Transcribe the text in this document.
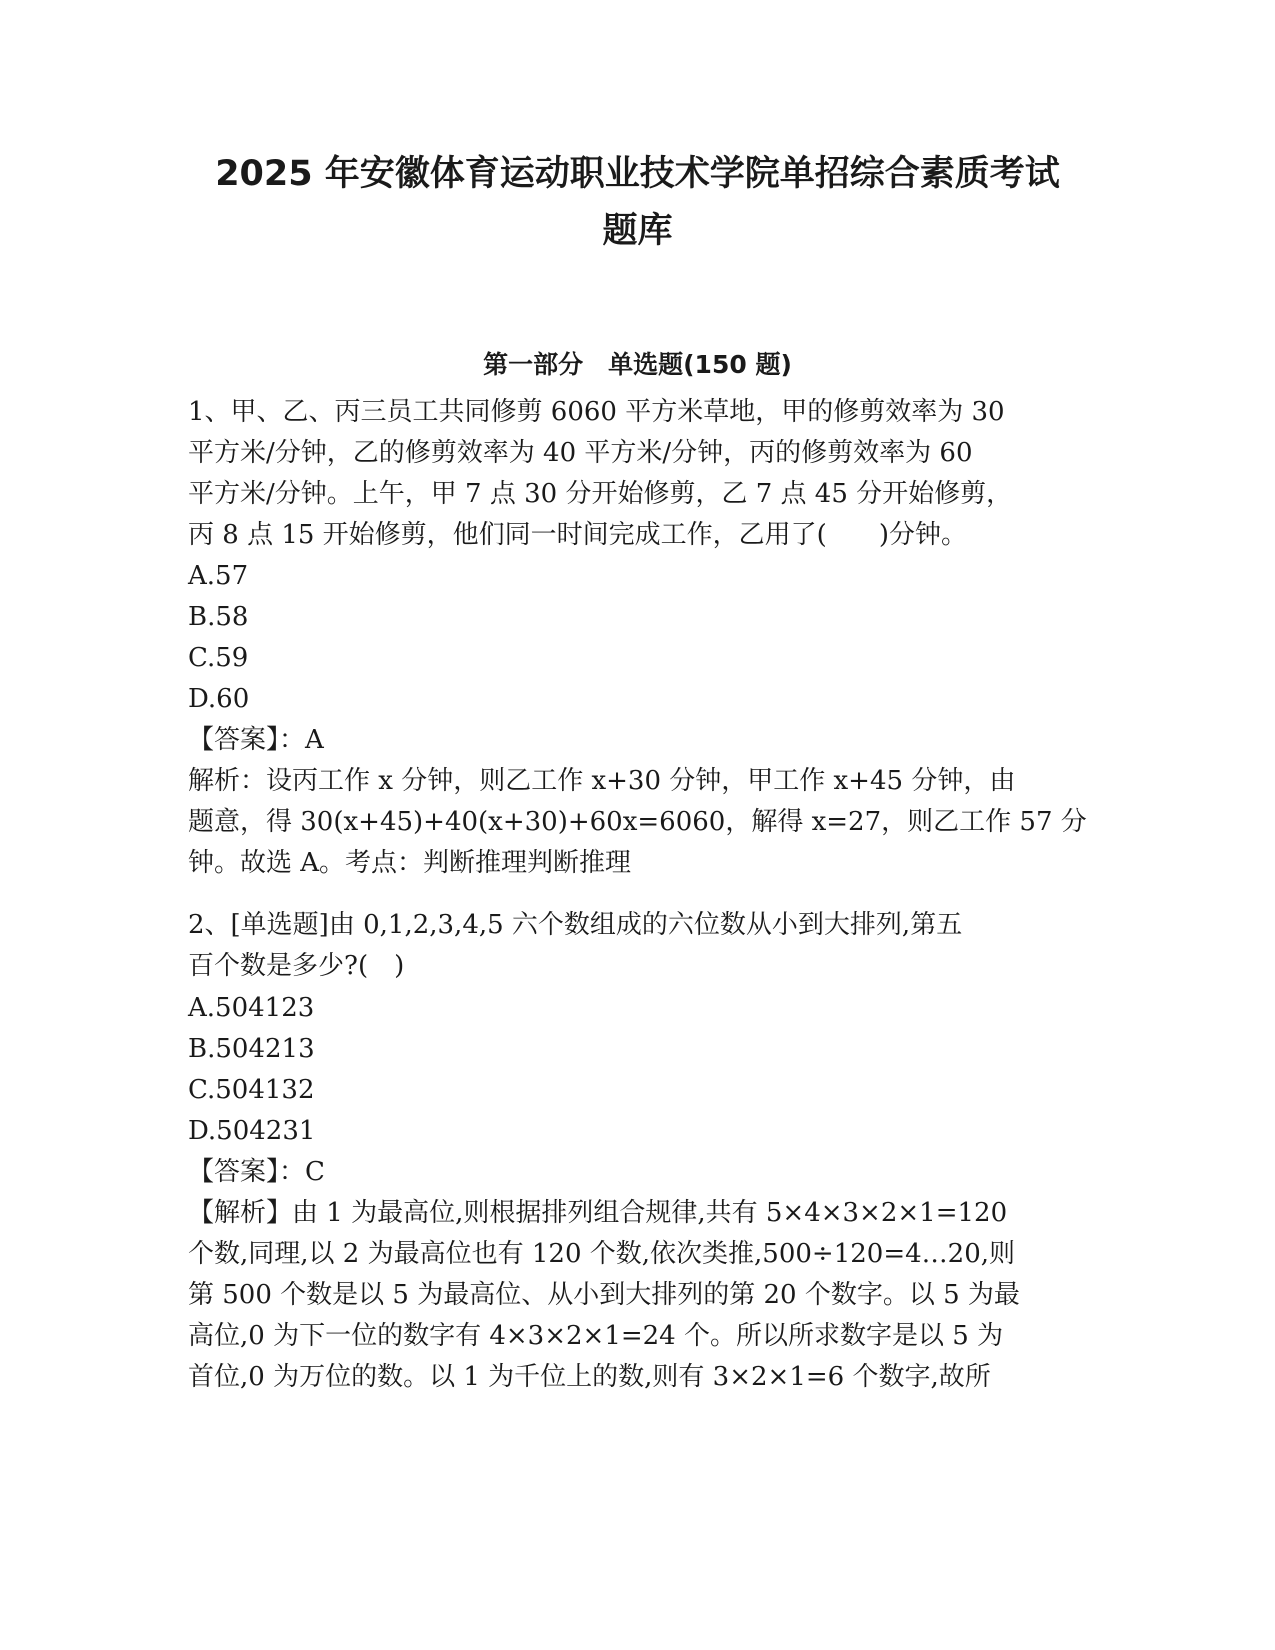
2025 年安徽体育运动职业技术学院单招综合素质考试
题库
第一部分　单选题(150 题)

1、甲、乙、丙三员工共同修剪 6060 平方米草地，甲的修剪效率为 30

平方米/分钟，乙的修剪效率为 40 平方米/分钟，丙的修剪效率为 60

平方米/分钟。上午，甲 7 点 30 分开始修剪，乙 7 点 45 分开始修剪，

丙 8 点 15 开始修剪，他们同一时间完成工作，乙用了(　　)分钟。

A.57

B.58

C.59

D.60

【答案】：A

解析：设丙工作 x 分钟，则乙工作 x+30 分钟，甲工作 x+45 分钟，由

题意，得 30(x+45)+40(x+30)+60x=6060，解得 x=27，则乙工作 57 分

钟。故选 A。考点：判断推理判断推理

2、[单选题]由 0,1,2,3,4,5 六个数组成的六位数从小到大排列,第五

百个数是多少?(　)

A.504123

B.504213

C.504132

D.504231

【答案】：C

【解析】由 1 为最高位,则根据排列组合规律,共有 5×4×3×2×1=120

个数,同理,以 2 为最高位也有 120 个数,依次类推,500÷120=4…20,则

第 500 个数是以 5 为最高位、从小到大排列的第 20 个数字。以 5 为最

高位,0 为下一位的数字有 4×3×2×1=24 个。所以所求数字是以 5 为

首位,0 为万位的数。以 1 为千位上的数,则有 3×2×1=6 个数字,故所
